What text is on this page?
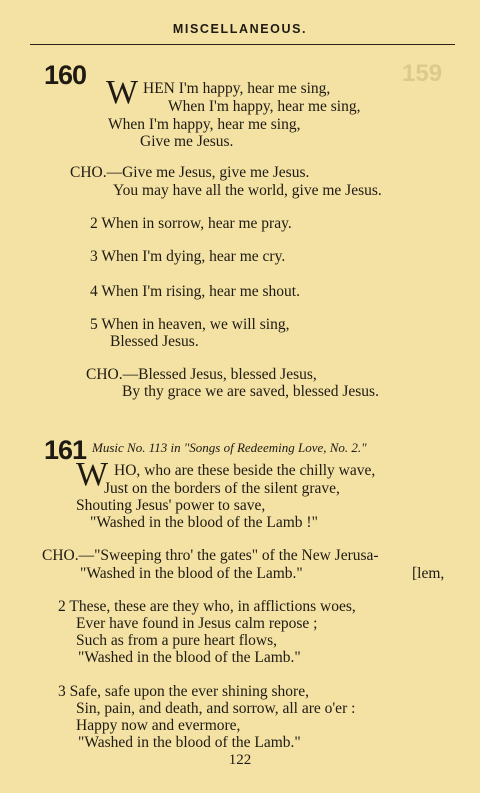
MISCELLANEOUS.
159
160 W HEN I'm happy, hear me sing,
When I'm happy, hear me sing,
When I'm happy, hear me sing,
Give me Jesus.
CHO.—Give me Jesus, give me Jesus.
You may have all the world, give me Jesus.
2 When in sorrow, hear me pray.
3 When I'm dying, hear me cry.
4 When I'm rising, hear me shout.
5 When in heaven, we will sing,
Blessed Jesus.
CHO.—Blessed Jesus, blessed Jesus,
By thy grace we are saved, blessed Jesus.
161 Music No. 113 in "Songs of Redeeming Love, No. 2."
W HO, who are these beside the chilly wave,
Just on the borders of the silent grave,
Shouting Jesus' power to save,
"Washed in the blood of the Lamb !"
CHO.—"Sweeping thro' the gates" of the New Jerusa-
"Washed in the blood of the Lamb."	[lem,
2 These, these are they who, in afflictions woes,
Ever have found in Jesus calm repose ;
Such as from a pure heart flows,
"Washed in the blood of the Lamb."
3 Safe, safe upon the ever shining shore,
Sin, pain, and death, and sorrow, all are o'er :
Happy now and evermore,
"Washed in the blood of the Lamb."
122
